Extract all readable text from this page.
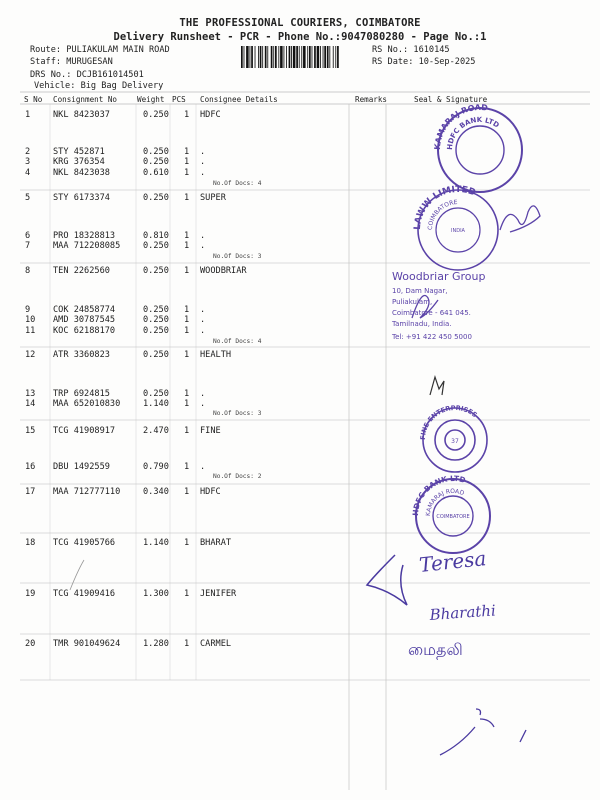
THE PROFESSIONAL COURIERS, COIMBATORE
Delivery Runsheet - PCR - Phone No.:9047080280 - Page No.:1
Route: PULIAKULAM MAIN ROAD
Staff: MURUGESAN
DRS No.: DCJB161014501
Vehicle: Big Bag Delivery
RS No.: 1610145
RS Date: 10-Sep-2025
S No Consignment No	Weight PCS Consignee Details	Remarks	Seal & Signature
1	NKL 8423037	0.250 1 HDFC
2	STY 452871	0.250 1 .
3	KRG 376354	0.250 1 .
4	NKL 8423038	0.610 1 .
5	STY 6173374	0.250 1 SUPER
6	PRO 18328813	0.810 1 .
7	MAA 712208085	0.250 1 .
8	TEN 2262560	0.250 1 WOODBRIAR
9	COK 24858774	0.250 1 .
10 AMD 30787545	0.250 1 .
11 KOC 62188170	0.250 1 .
12 ATR 3360823	0.250 1 HEALTH
13 TRP 6924815	0.250 1 .
14 MAA 652010830	1.140 1 .
15 TCG 41908917	2.470 1 FINE
16 DBU 1492559	0.790 1 .
17 MAA 712777110	0.340 1 HDFC
18 TCG 41905766	1.140 1 BHARAT
19 TCG 41909416	1.300 1 JENIFER
20 TMR 901049624	1.280 1 CARMEL
No.Of Docs: 4
No.Of Docs: 3
No.Of Docs: 4
No.Of Docs: 3
No.Of Docs: 2
KAMARAJ ROAD
HDFC BANK LTD
LAWW LIMITED
COIMBATORE
INDIA
FINE ENTERPRISES
37
HDFC BANK LTD
KAMARAJ ROAD
COIMBATORE
Woodbriar Group
10, Dam Nagar,
Puliakulam,
Coimbatore - 641 045.
Tamilnadu, India.
Tel: +91 422 450 5000
Teresa
Bharathi
மைதலி
